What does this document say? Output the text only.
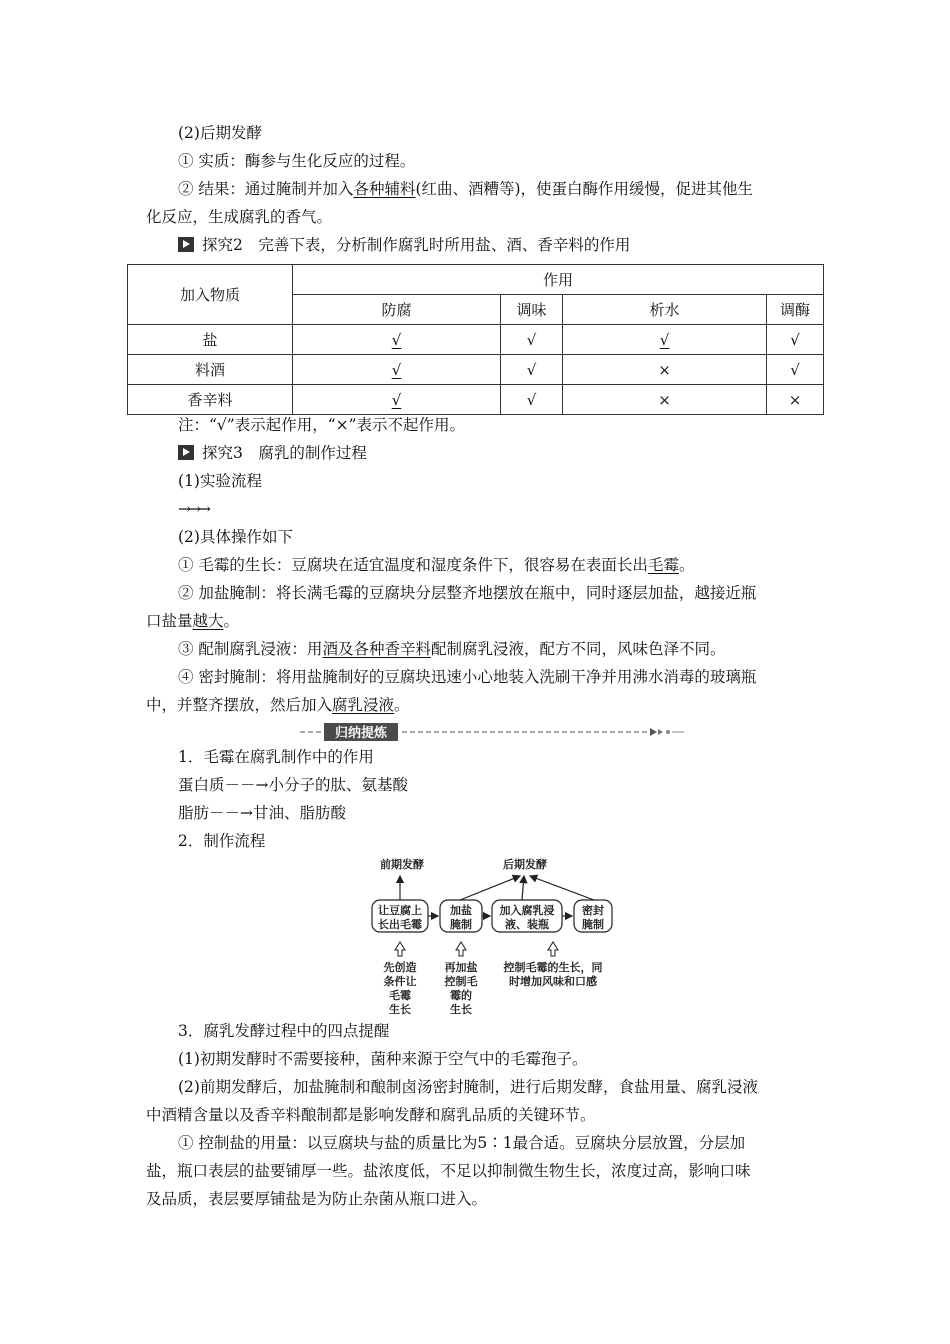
(2)后期发酵
① 实质：酶参与生化反应的过程。
② 结果：通过腌制并加入各种辅料(红曲、酒糟等)，使蛋白酶作用缓慢，促进其他生
化反应，生成腐乳的香气。
探究2　完善下表，分析制作腐乳时所用盐、酒、香辛料的作用
加入物质	作用			
	防腐	调味	析水	调酶
盐	√	√	√	√
料酒	√	√	×	√
香辛料	√	√	×	×
注：“√”表示起作用，“×”表示不起作用。
探究3　腐乳的制作过程
(1)实验流程
→→→
(2)具体操作如下
① 毛霉的生长：豆腐块在适宜温度和湿度条件下，很容易在表面长出毛霉。
② 加盐腌制：将长满毛霉的豆腐块分层整齐地摆放在瓶中，同时逐层加盐，越接近瓶
口盐量越大。
③ 配制腐乳浸液：用酒及各种香辛料配制腐乳浸液，配方不同，风味色泽不同。
④ 密封腌制：将用盐腌制好的豆腐块迅速小心地装入洗刷干净并用沸水消毒的玻璃瓶
中，并整齐摆放，然后加入腐乳浸液。
归纳提炼
1．毛霉在腐乳制作中的作用
蛋白质－－→小分子的肽、氨基酸
脂肪－－→甘油、脂肪酸
2．制作流程
前期发酵	后期发酵
让豆腐上
长出毛霉
加盐
腌制
加入腐乳浸
液、装瓶
密封
腌制
先创造
条件让
毛霉
生长
再加盐
控制毛
霉的
生长
控制毛霉的生长，同
时增加风味和口感
3．腐乳发酵过程中的四点提醒
(1)初期发酵时不需要接种，菌种来源于空气中的毛霉孢子。
(2)前期发酵后，加盐腌制和酿制卤汤密封腌制，进行后期发酵，食盐用量、腐乳浸液
中酒精含量以及香辛料酿制都是影响发酵和腐乳品质的关键环节。
① 控制盐的用量：以豆腐块与盐的质量比为5∶1最合适。豆腐块分层放置，分层加
盐，瓶口表层的盐要铺厚一些。盐浓度低，不足以抑制微生物生长，浓度过高，影响口味
及品质，表层要厚铺盐是为防止杂菌从瓶口进入。
